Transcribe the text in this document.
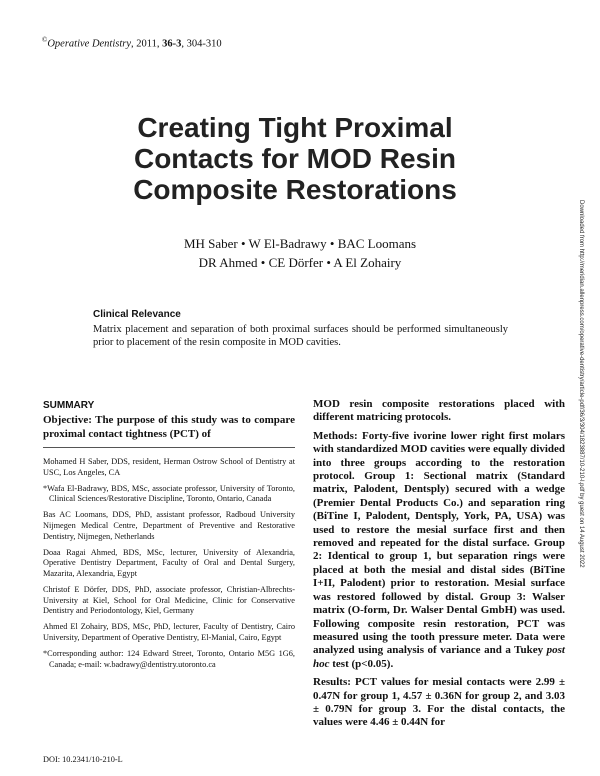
©Operative Dentistry, 2011, 36-3, 304-310
Creating Tight Proximal
Contacts for MOD Resin
Composite Restorations
MH Saber • W El-Badrawy • BAC Loomans
DR Ahmed • CE Dörfer • A El Zohairy
Clinical Relevance
Matrix placement and separation of both proximal surfaces should be performed simultaneously prior to placement of the resin composite in MOD cavities.
SUMMARY
Objective: The purpose of this study was to compare proximal contact tightness (PCT) of

Mohamed H Saber, DDS, resident, Herman Ostrow School of Dentistry at USC, Los Angeles, CA

*Wafa El-Badrawy, BDS, MSc, associate professor, University of Toronto, Clinical Sciences/Restorative Discipline, Toronto, Ontario, Canada

Bas AC Loomans, DDS, PhD, assistant professor, Radboud University Nijmegen Medical Centre, Department of Preventive and Restorative Dentistry, Nijmegen, Netherlands

Doaa Ragai Ahmed, BDS, MSc, lecturer, University of Alexandria, Operative Dentistry Department, Faculty of Oral and Dental Surgery, Mazarita, Alexandria, Egypt

Christof E Dörfer, DDS, PhD, associate professor, Christian-Albrechts-University at Kiel, School for Oral Medicine, Clinic for Conservative Dentistry and Periodontology, Kiel, Germany

Ahmed El Zohairy, BDS, MSc, PhD, lecturer, Faculty of Dentistry, Cairo University, Department of Operative Dentistry, El-Manial, Cairo, Egypt

*Corresponding author: 124 Edward Street, Toronto, Ontario M5G 1G6, Canada; e-mail: w.badrawy@dentistry.utoronto.ca

DOI: 10.2341/10-210-L

MOD resin composite restorations placed with different matricing protocols.

Methods: Forty-five ivorine lower right first molars with standardized MOD cavities were equally divided into three groups according to the restoration protocol. Group 1: Sectional matrix (Standard matrix, Palodent, Dentsply) secured with a wedge (Premier Dental Products Co.) and separation ring (BiTine I, Palodent, Dentsply, York, PA, USA) was used to restore the mesial surface first and then removed and repeated for the distal surface. Group 2: Identical to group 1, but separation rings were placed at both the mesial and distal sides (BiTine I+II, Palodent) prior to restoration. Mesial surface was restored followed by distal. Group 3: Walser matrix (O-form, Dr. Walser Dental GmbH) was used. Following composite resin restoration, PCT was measured using the tooth pressure meter. Data were analyzed using analysis of variance and a Tukey post hoc test (p<0.05).

Results: PCT values for mesial contacts were 2.99 ± 0.47N for group 1, 4.57 ± 0.36N for group 2, and 3.03 ± 0.79N for group 3. For the distal contacts, the values were 4.46 ± 0.44N for

Downloaded from http://meridian.allenpress.com/operative-dentistry/article-pdf/36/3/304/1823887/10-210-l.pdf by guest on 14 August 2022
